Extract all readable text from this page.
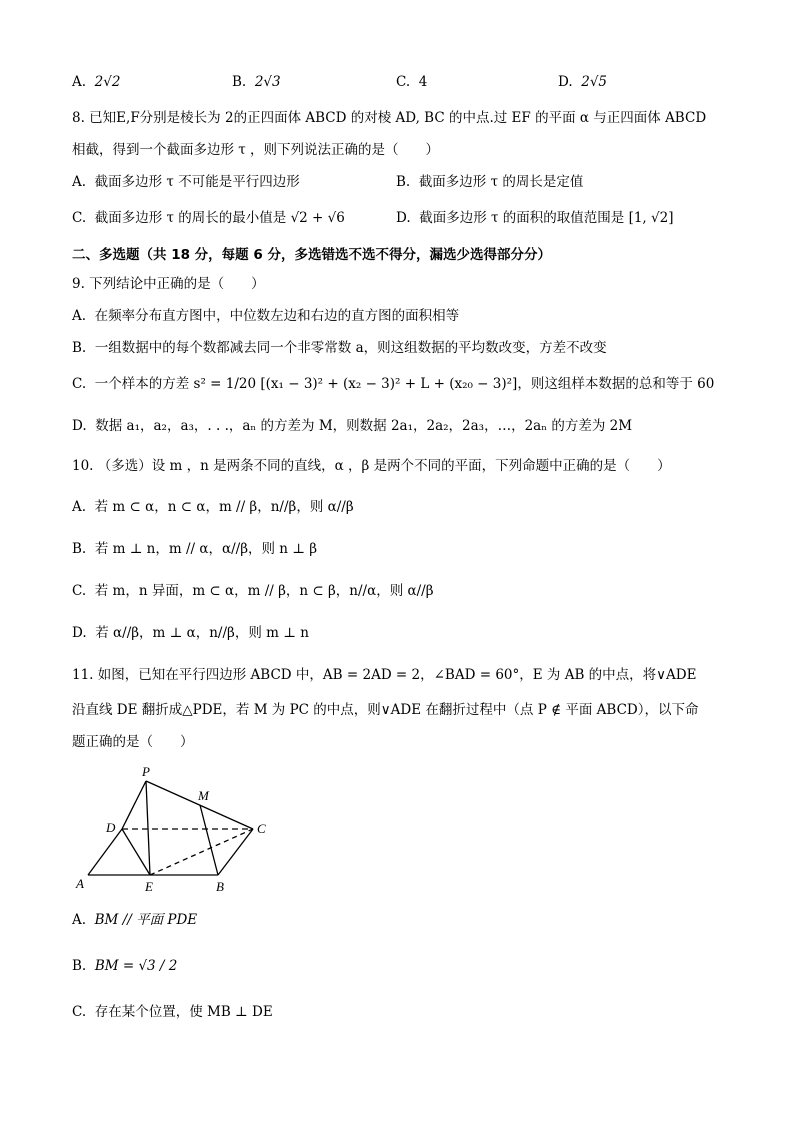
A. 2√2	B. 2√3	C. 4	D. 2√5
8. 已知E,F分别是棱长为 2的正四面体 ABCD 的对棱 AD, BC 的中点.过 EF 的平面 α 与正四面体 ABCD
相截，得到一个截面多边形 τ ，则下列说法正确的是（　　）
A. 截面多边形 τ 不可能是平行四边形	B. 截面多边形 τ 的周长是定值
C. 截面多边形 τ 的周长的最小值是 √2 + √6	D. 截面多边形 τ 的面积的取值范围是 [1, √2]
二、多选题（共 18 分，每题 6 分，多选错选不选不得分，漏选少选得部分分）
9. 下列结论中正确的是（　　）
A. 在频率分布直方图中，中位数左边和右边的直方图的面积相等
B. 一组数据中的每个数都减去同一个非零常数 a，则这组数据的平均数改变，方差不改变
C. 一个样本的方差 s² = 1/20 [(x₁ − 3)² + (x₂ − 3)² + L + (x₂₀ − 3)²]，则这组样本数据的总和等于 60
D. 数据 a₁，a₂，a₃，. . .，aₙ 的方差为 M，则数据 2a₁，2a₂，2a₃，…，2aₙ 的方差为 2M
10. （多选）设 m ，n 是两条不同的直线，α ，β 是两个不同的平面，下列命题中正确的是（　　）
A. 若 m ⊂ α，n ⊂ α，m // β，n//β，则 α//β
B. 若 m ⊥ n，m // α，α//β，则 n ⊥ β
C. 若 m，n 异面，m ⊂ α，m // β，n ⊂ β，n//α，则 α//β
D. 若 α//β，m ⊥ α，n//β，则 m ⊥ n
11. 如图，已知在平行四边形 ABCD 中，AB = 2AD = 2，∠BAD = 60°，E 为 AB 的中点，将∨ADE
沿直线 DE 翻折成△PDE，若 M 为 PC 的中点，则∨ADE 在翻折过程中（点 P ∉ 平面 ABCD），以下命
题正确的是（　　）
P
M
D	C
A	E	B
A. BM // 平面 PDE
B. BM = √3 / 2
C. 存在某个位置，使 MB ⊥ DE
